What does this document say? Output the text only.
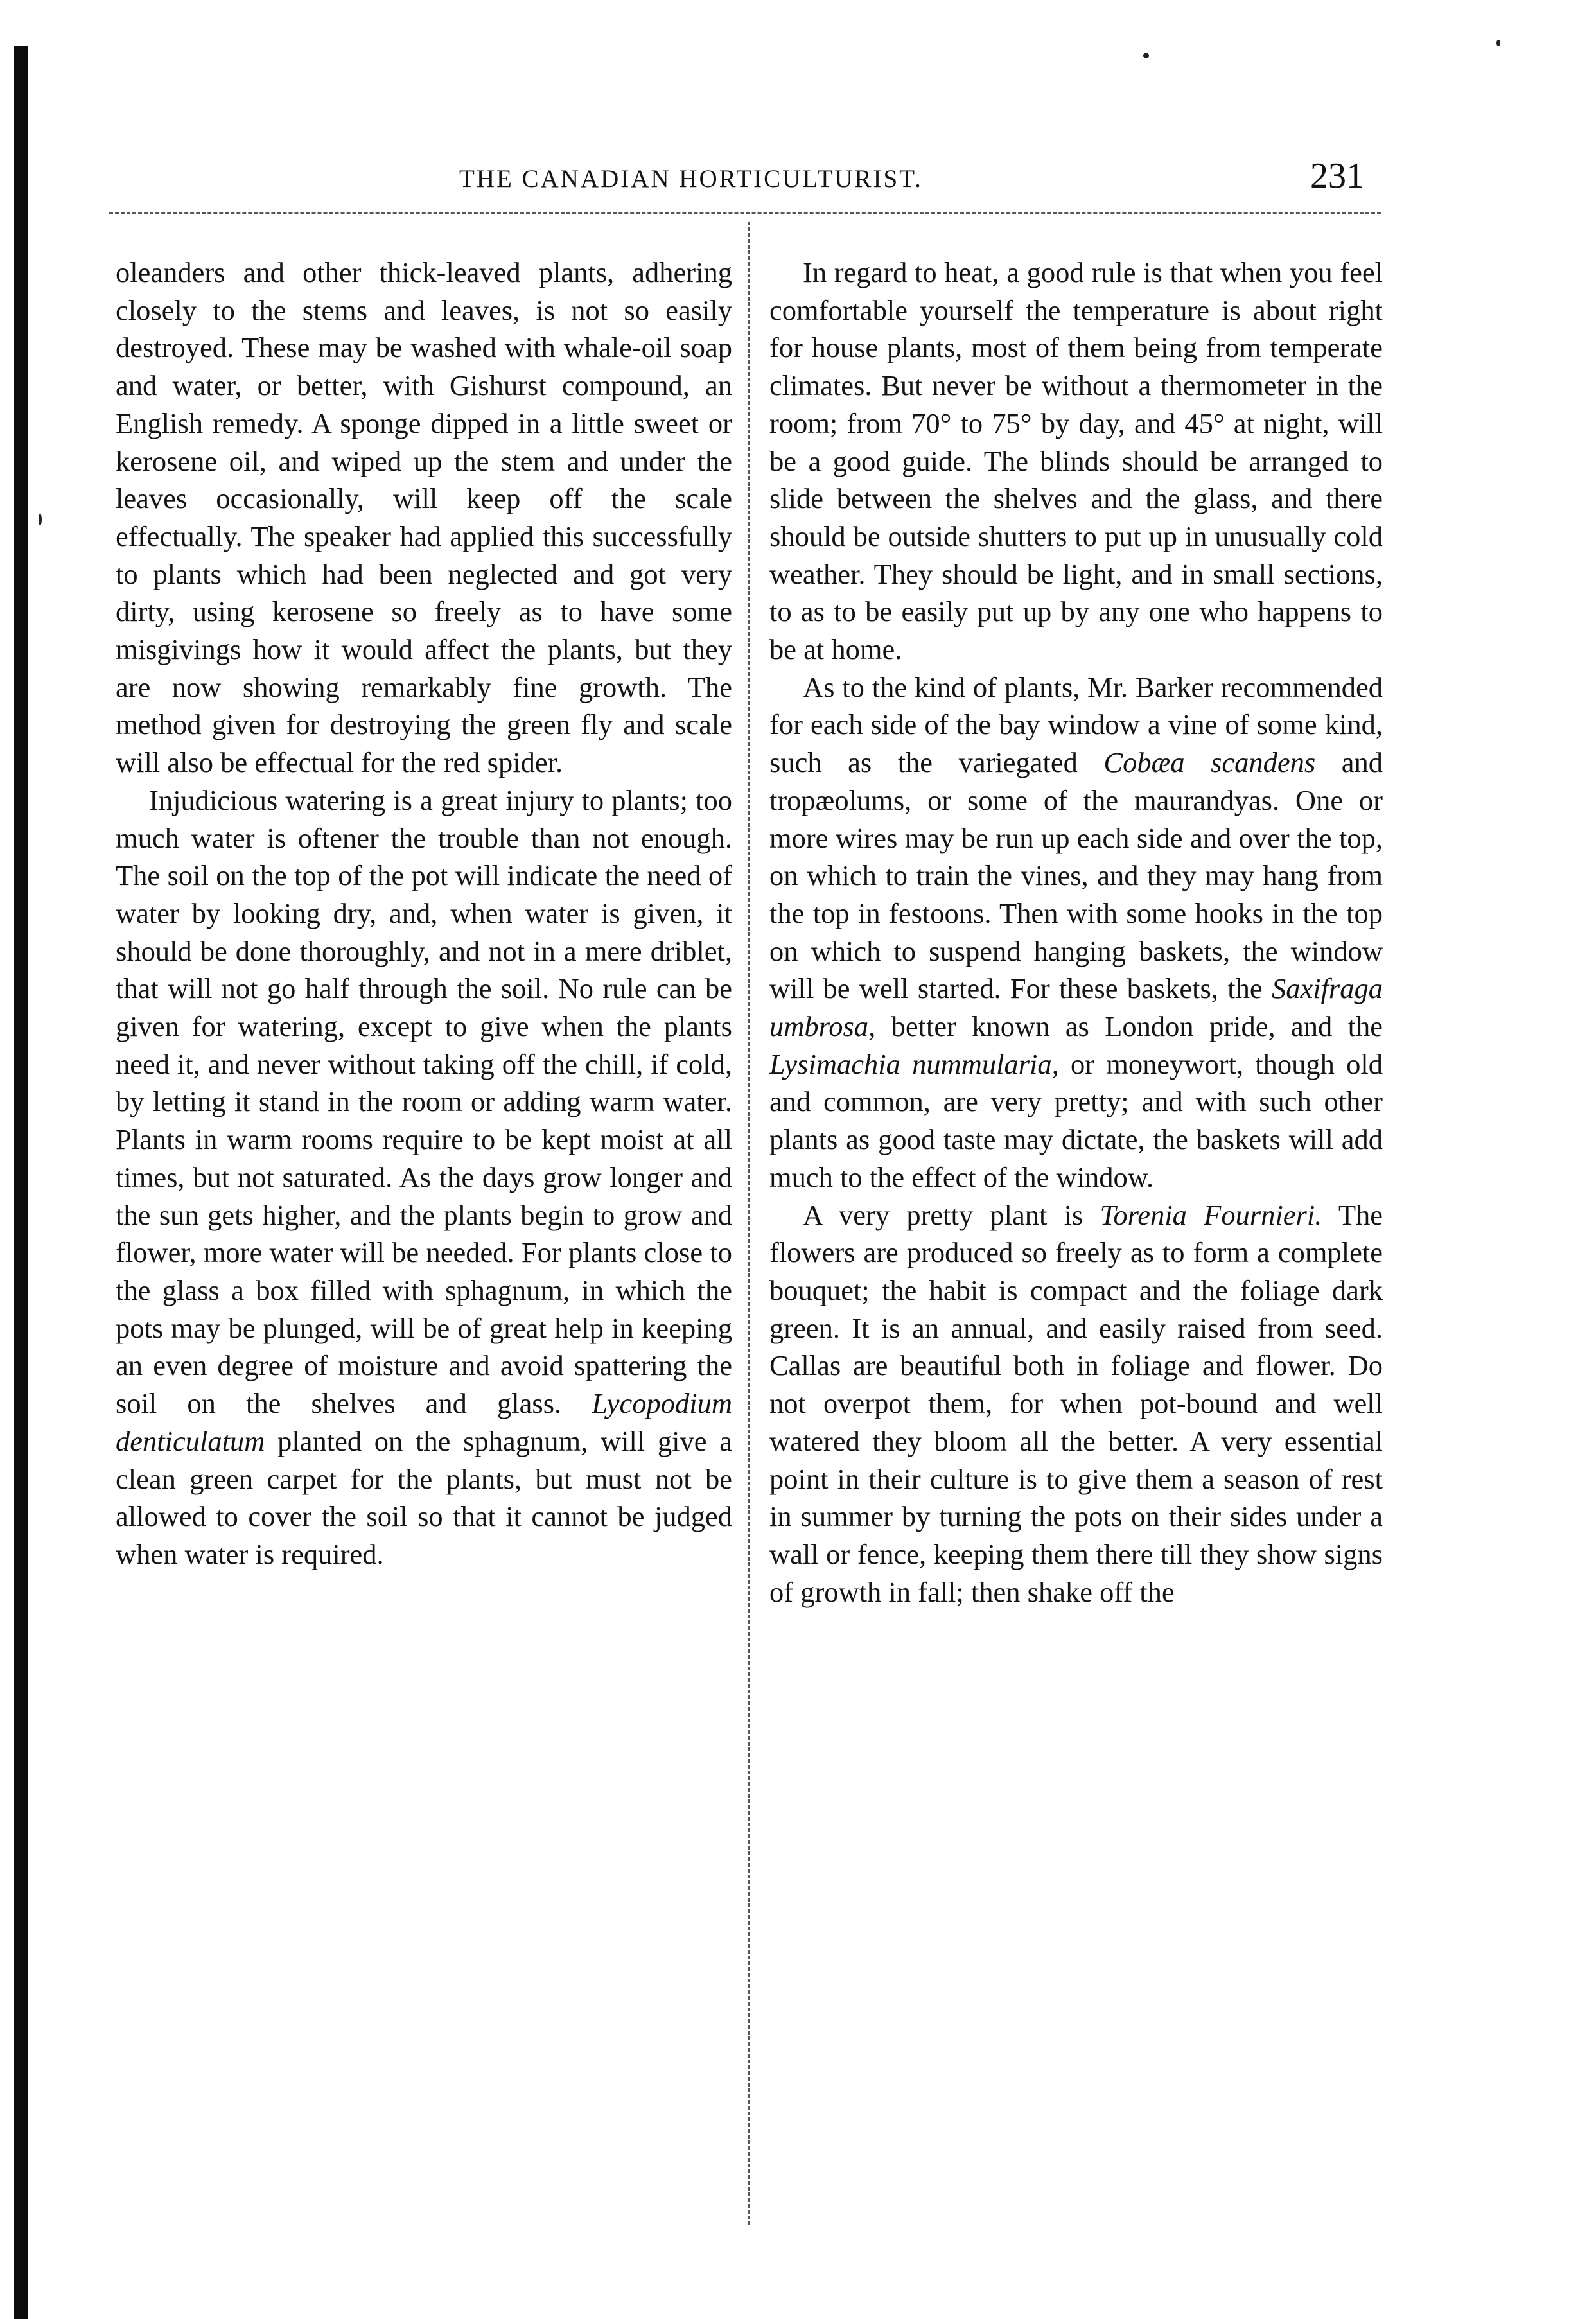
THE CANADIAN HORTICULTURIST.	231

oleanders and other thick-leaved plants, adhering closely to the stems and leaves, is not so easily destroyed. These may be washed with whale-oil soap and water, or better, with Gishurst compound, an English remedy. A sponge dipped in a little sweet or kerosene oil, and wiped up the stem and under the leaves occasionally, will keep off the scale effectually. The speaker had applied this successfully to plants which had been neglected and got very dirty, using kerosene so freely as to have some misgivings how it would affect the plants, but they are now showing remarkably fine growth. The method given for destroying the green fly and scale will also be effectual for the red spider.

Injudicious watering is a great injury to plants; too much water is oftener the trouble than not enough. The soil on the top of the pot will indicate the need of water by looking dry, and, when water is given, it should be done thoroughly, and not in a mere driblet, that will not go half through the soil. No rule can be given for watering, except to give when the plants need it, and never without taking off the chill, if cold, by letting it stand in the room or adding warm water. Plants in warm rooms require to be kept moist at all times, but not saturated. As the days grow longer and the sun gets higher, and the plants begin to grow and flower, more water will be needed. For plants close to the glass a box filled with sphagnum, in which the pots may be plunged, will be of great help in keeping an even degree of moisture and avoid spattering the soil on the shelves and glass. Lycopodium denticulatum planted on the sphagnum, will give a clean green carpet for the plants, but must not be allowed to cover the soil so that it cannot be judged when water is required.

In regard to heat, a good rule is that when you feel comfortable yourself the temperature is about right for house plants, most of them being from temperate climates. But never be without a thermometer in the room; from 70° to 75° by day, and 45° at night, will be a good guide. The blinds should be arranged to slide between the shelves and the glass, and there should be outside shutters to put up in unusually cold weather. They should be light, and in small sections, to as to be easily put up by any one who happens to be at home.

As to the kind of plants, Mr. Barker recommended for each side of the bay window a vine of some kind, such as the variegated Cobæa scandens and tropæolums, or some of the maurandyas. One or more wires may be run up each side and over the top, on which to train the vines, and they may hang from the top in festoons. Then with some hooks in the top on which to suspend hanging baskets, the window will be well started. For these baskets, the Saxifraga umbrosa, better known as London pride, and the Lysimachia nummularia, or moneywort, though old and common, are very pretty; and with such other plants as good taste may dictate, the baskets will add much to the effect of the window.

A very pretty plant is Torenia Fournieri. The flowers are produced so freely as to form a complete bouquet; the habit is compact and the foliage dark green. It is an annual, and easily raised from seed. Callas are beautiful both in foliage and flower. Do not overpot them, for when pot-bound and well watered they bloom all the better. A very essential point in their culture is to give them a season of rest in summer by turning the pots on their sides under a wall or fence, keeping them there till they show signs of growth in fall; then shake off the
